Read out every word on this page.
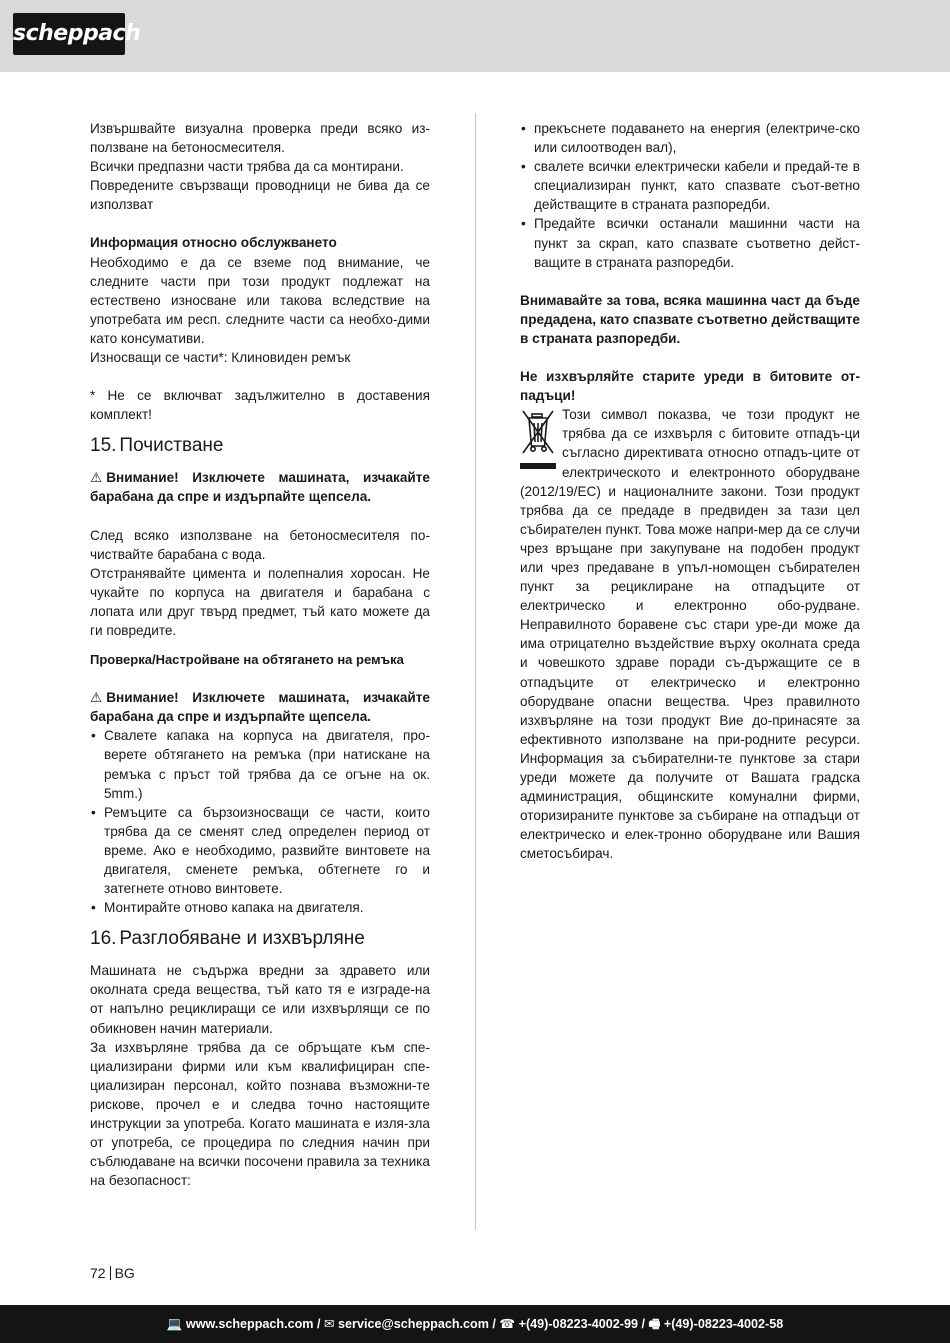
scheppach

Извършвайте визуална проверка преди всяко из-ползване на бетоносмесителя.

Всички предпазни части трябва да са монтирани.

Повредените свързващи проводници не бива да се използват

Информация относно обслужването

Необходимо е да се вземе под внимание, че следните части при този продукт подлежат на естествено износване или такова вследствие на употребата им респ. следните части са необхо-дими като консумативи.

Износващи се части*: Клиновиден ремък

* Не се включват задължително в доставения комплект!

15. Почистване

⚠ Внимание! Изключете машината, изчакайте барабана да спре и издърпайте щепсела.

След всяко използване на бетоносмесителя по-чиствайте барабана с вода.

Отстранявайте цимента и полепналия хоросан. Не чукайте по корпуса на двигателя и барабана с лопата или друг твърд предмет, тъй като можете да ги повредите.

Проверка/Настройване на обтягането на ремъка

⚠ Внимание! Изключете машината, изчакайте барабана да спре и издърпайте щепсела.

• Свалете капака на корпуса на двигателя, про-верете обтягането на ремъка (при натискане на ремъка с пръст той трябва да се огъне на ок. 5mm.)
• Ремъците са бързоизносващи се части, които трябва да се сменят след определен период от време. Ако е необходимо, развийте винтовете на двигателя, сменете ремъка, обтегнете го и затегнете отново винтовете.
• Монтирайте отново капака на двигателя.
16. Разглобяване и изхвърляне

Машината не съдържа вредни за здравето или околната среда вещества, тъй като тя е изграде-на от напълно рециклиращи се или изхвърлящи се по обикновен начин материали.

За изхвърляне трябва да се обръщате към спе-циализирани фирми или към квалифициран спе-циализиран персонал, който познава възможни-те рискове, прочел е и следва точно настоящите инструкции за употреба. Когато машината е изля-зла от употреба, се процедира по следния начин при съблюдаване на всички посочени правила за техника на безопасност:

• прекъснете подаването на енергия (електриче-ско или силоотводен вал),
• свалете всички електрически кабели и предай-те в специализиран пункт, като спазвате съот-ветно действащите в страната разпоредби.
• Предайте всички останали машинни части на пункт за скрап, като спазвате съответно дейст-ващите в страната разпоредби.

Внимавайте за това, всяка машинна част да бъде предадена, като спазвате съответно действащите в страната разпоредби.

Не изхвърляйте старите уреди в битовите от-падъци!

Този символ показва, че този продукт не трябва да се изхвърля с битовите отпадъ-ци съгласно директивата относно отпадъ-ците от електрическото и електронното оборудване (2012/19/ЕС) и националните закони. Този продукт трябва да се предаде в предвиден за тази цел събирателен пункт. Това може напри-мер да се случи чрез връщане при закупуване на подобен продукт или чрез предаване в упъл-номощен събирателен пункт за рециклиране на отпадъците от електрическо и електронно обо-рудване. Неправилното боравене със стари уре-ди може да има отрицателно въздействие върху околната среда и човешкото здраве поради съ-държащите се в отпадъците от електрическо и електронно оборудване опасни вещества. Чрез правилното изхвърляне на този продукт Вие до-принасяте за ефективното използване на при-родните ресурси. Информация за събирателни-те пунктове за стари уреди можете да получите от Вашата градска администрация, общинските комунални фирми, оторизираните пунктове за събиране на отпадъци от електрическо и елек-тронно оборудване или Вашия сметосъбирач.

72 BG
💻 www.scheppach.com / ✉ service@scheppach.com / ☎ +(49)-08223-4002-99 / 🖷 +(49)-08223-4002-58
